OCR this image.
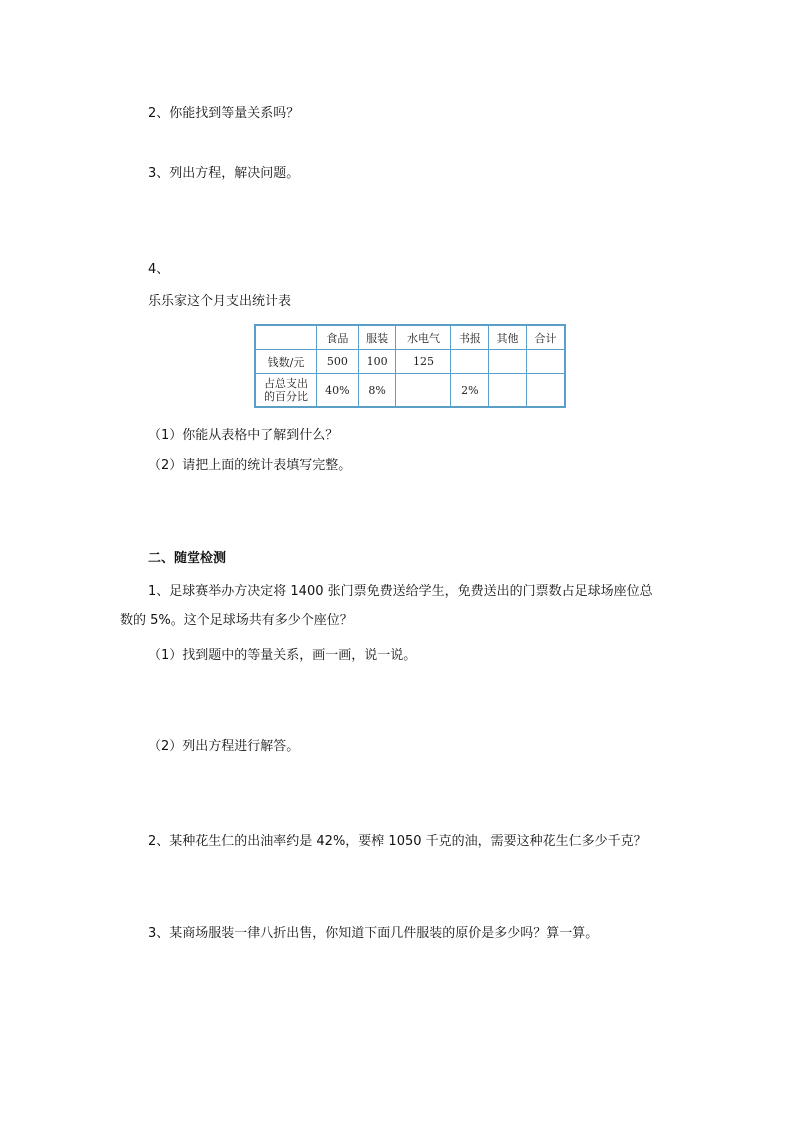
2、你能找到等量关系吗？
3、列出方程，解决问题。
4、
乐乐家这个月支出统计表
	食品	服装	水电气	书报	其他	合计
钱数/元	500	100	125			

占总支出
的百分比	40%	8%		2%		
（1）你能从表格中了解到什么？
（2）请把上面的统计表填写完整。
二、随堂检测
1、足球赛举办方决定将 1400 张门票免费送给学生，免费送出的门票数占足球场座位总
数的 5%。这个足球场共有多少个座位？
（1）找到题中的等量关系，画一画，说一说。
（2）列出方程进行解答。
2、某种花生仁的出油率约是 42%，要榨 1050 千克的油，需要这种花生仁多少千克？
3、某商场服装一律八折出售，你知道下面几件服装的原价是多少吗？算一算。
